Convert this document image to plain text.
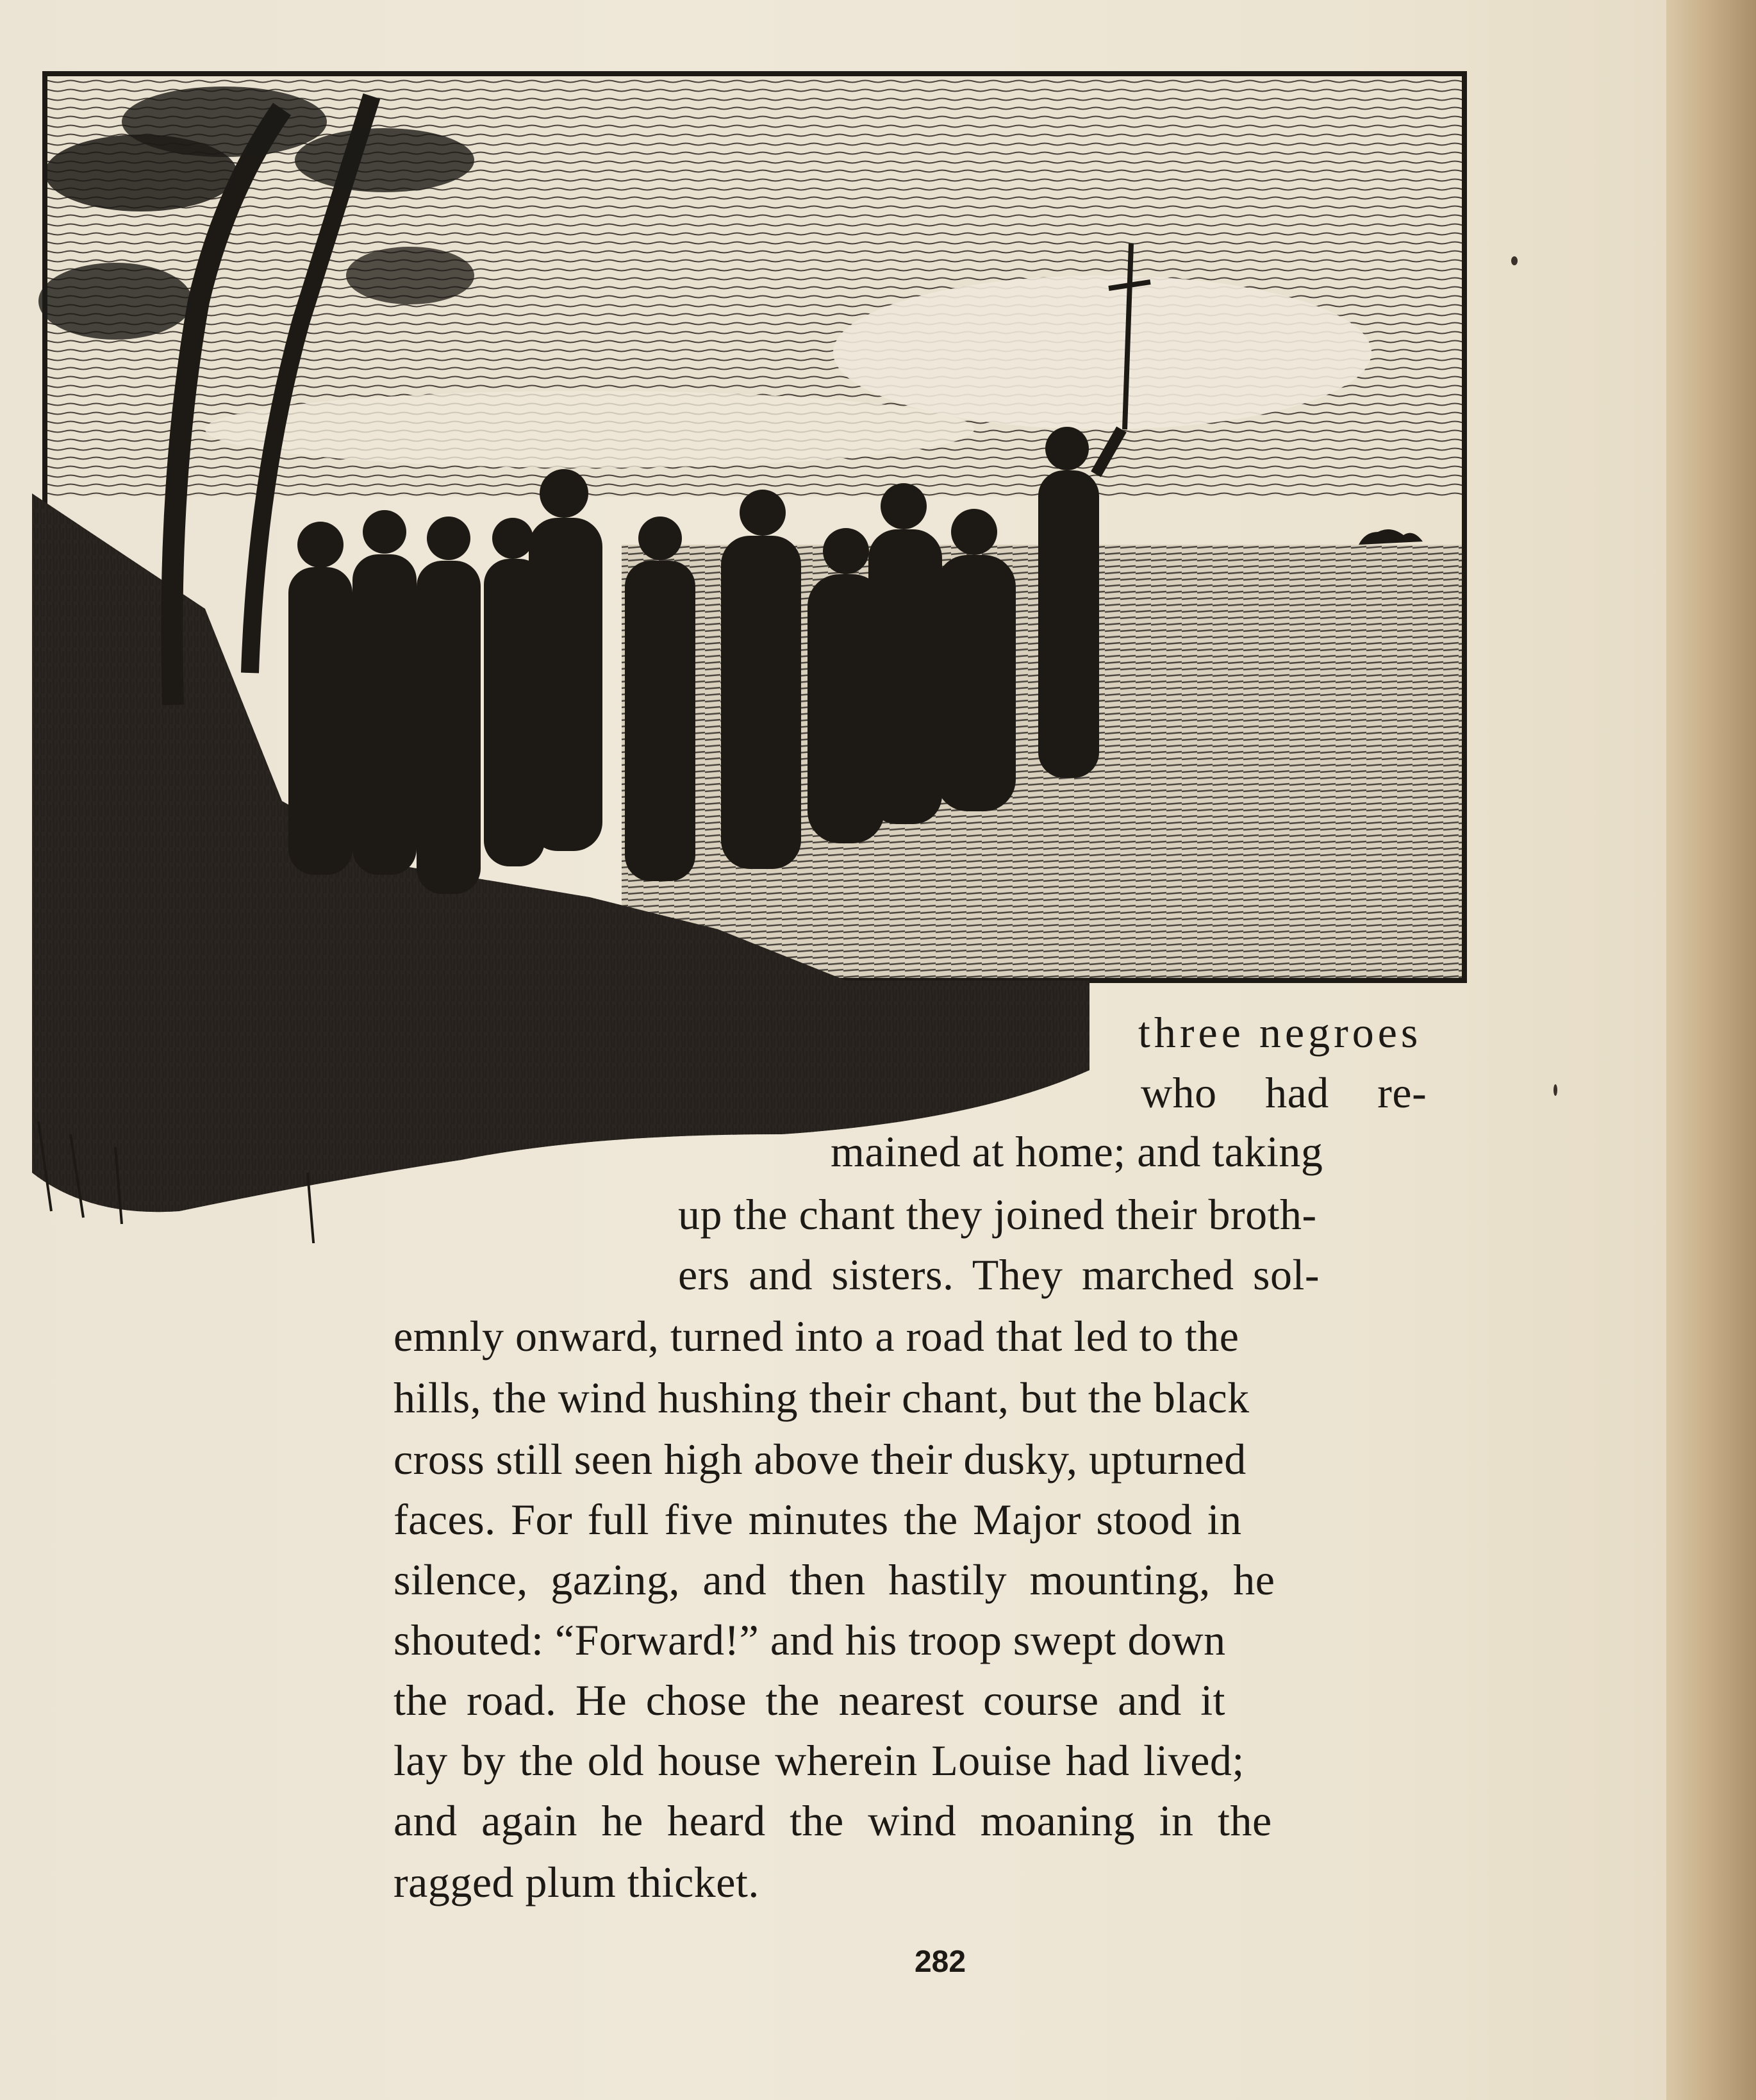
three negroes
who had re-
mained at home; and taking
up the chant they joined their broth-
ers and sisters. They marched sol-
emnly onward, turned into a road that led to the
hills, the wind hushing their chant, but the black
cross still seen high above their dusky, upturned
faces. For full five minutes the Major stood in
silence, gazing, and then hastily mounting, he
shouted: “Forward!” and his troop swept down
the road. He chose the nearest course and it
lay by the old house wherein Louise had lived;
and again he heard the wind moaning in the
ragged plum thicket.
282
